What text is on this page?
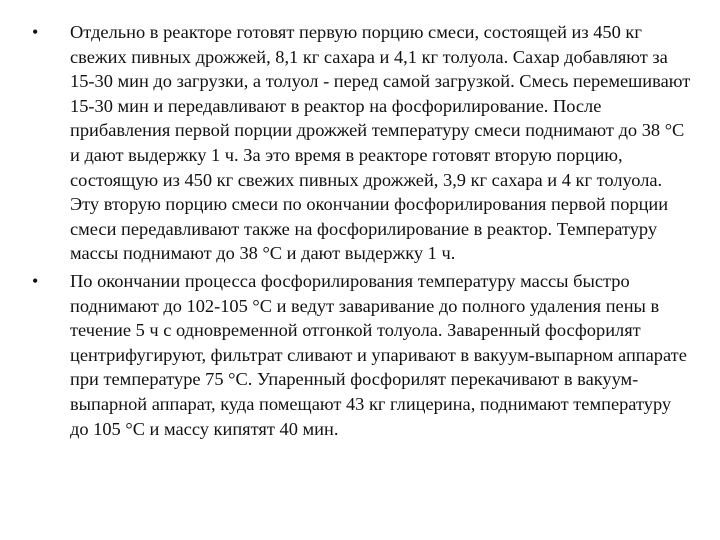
•	Отдельно в реакторе готовят первую порцию смеси, состоящей из 450 кг свежих пивных дрожжей, 8,1 кг сахара и 4,1 кг толуола. Сахар добавляют за 15-30 мин до загрузки, а толуол - перед самой загрузкой. Смесь перемешивают 15-30 мин и передавливают в реактор на фосфорилирование. После прибавления первой порции дрожжей температуру смеси поднимают до 38 °С и дают выдержку 1 ч. За это время в реакторе готовят вторую порцию, состоящую из 450 кг свежих пивных дрожжей, 3,9 кг сахара и 4 кг толуола. Эту вторую порцию смеси по окончании фосфорилирования первой порции смеси передавливают также на фосфорилирование в реактор. Температуру массы поднимают до 38 °С и дают выдержку 1 ч.
•	По окончании процесса фосфорилирования температуру массы быстро поднимают до 102-105 °С и ведут заваривание до полного удаления пены в течение 5 ч с одновременной отгонкой толуола. Заваренный фосфорилят центрифугируют, фильтрат сливают и упаривают в вакуум-выпарном аппарате при температуре 75 °С. Упаренный фосфорилят перекачивают в вакуум-выпарной аппарат, куда помещают 43 кг глицерина, поднимают температуру до 105 °С и массу кипятят 40 мин.
